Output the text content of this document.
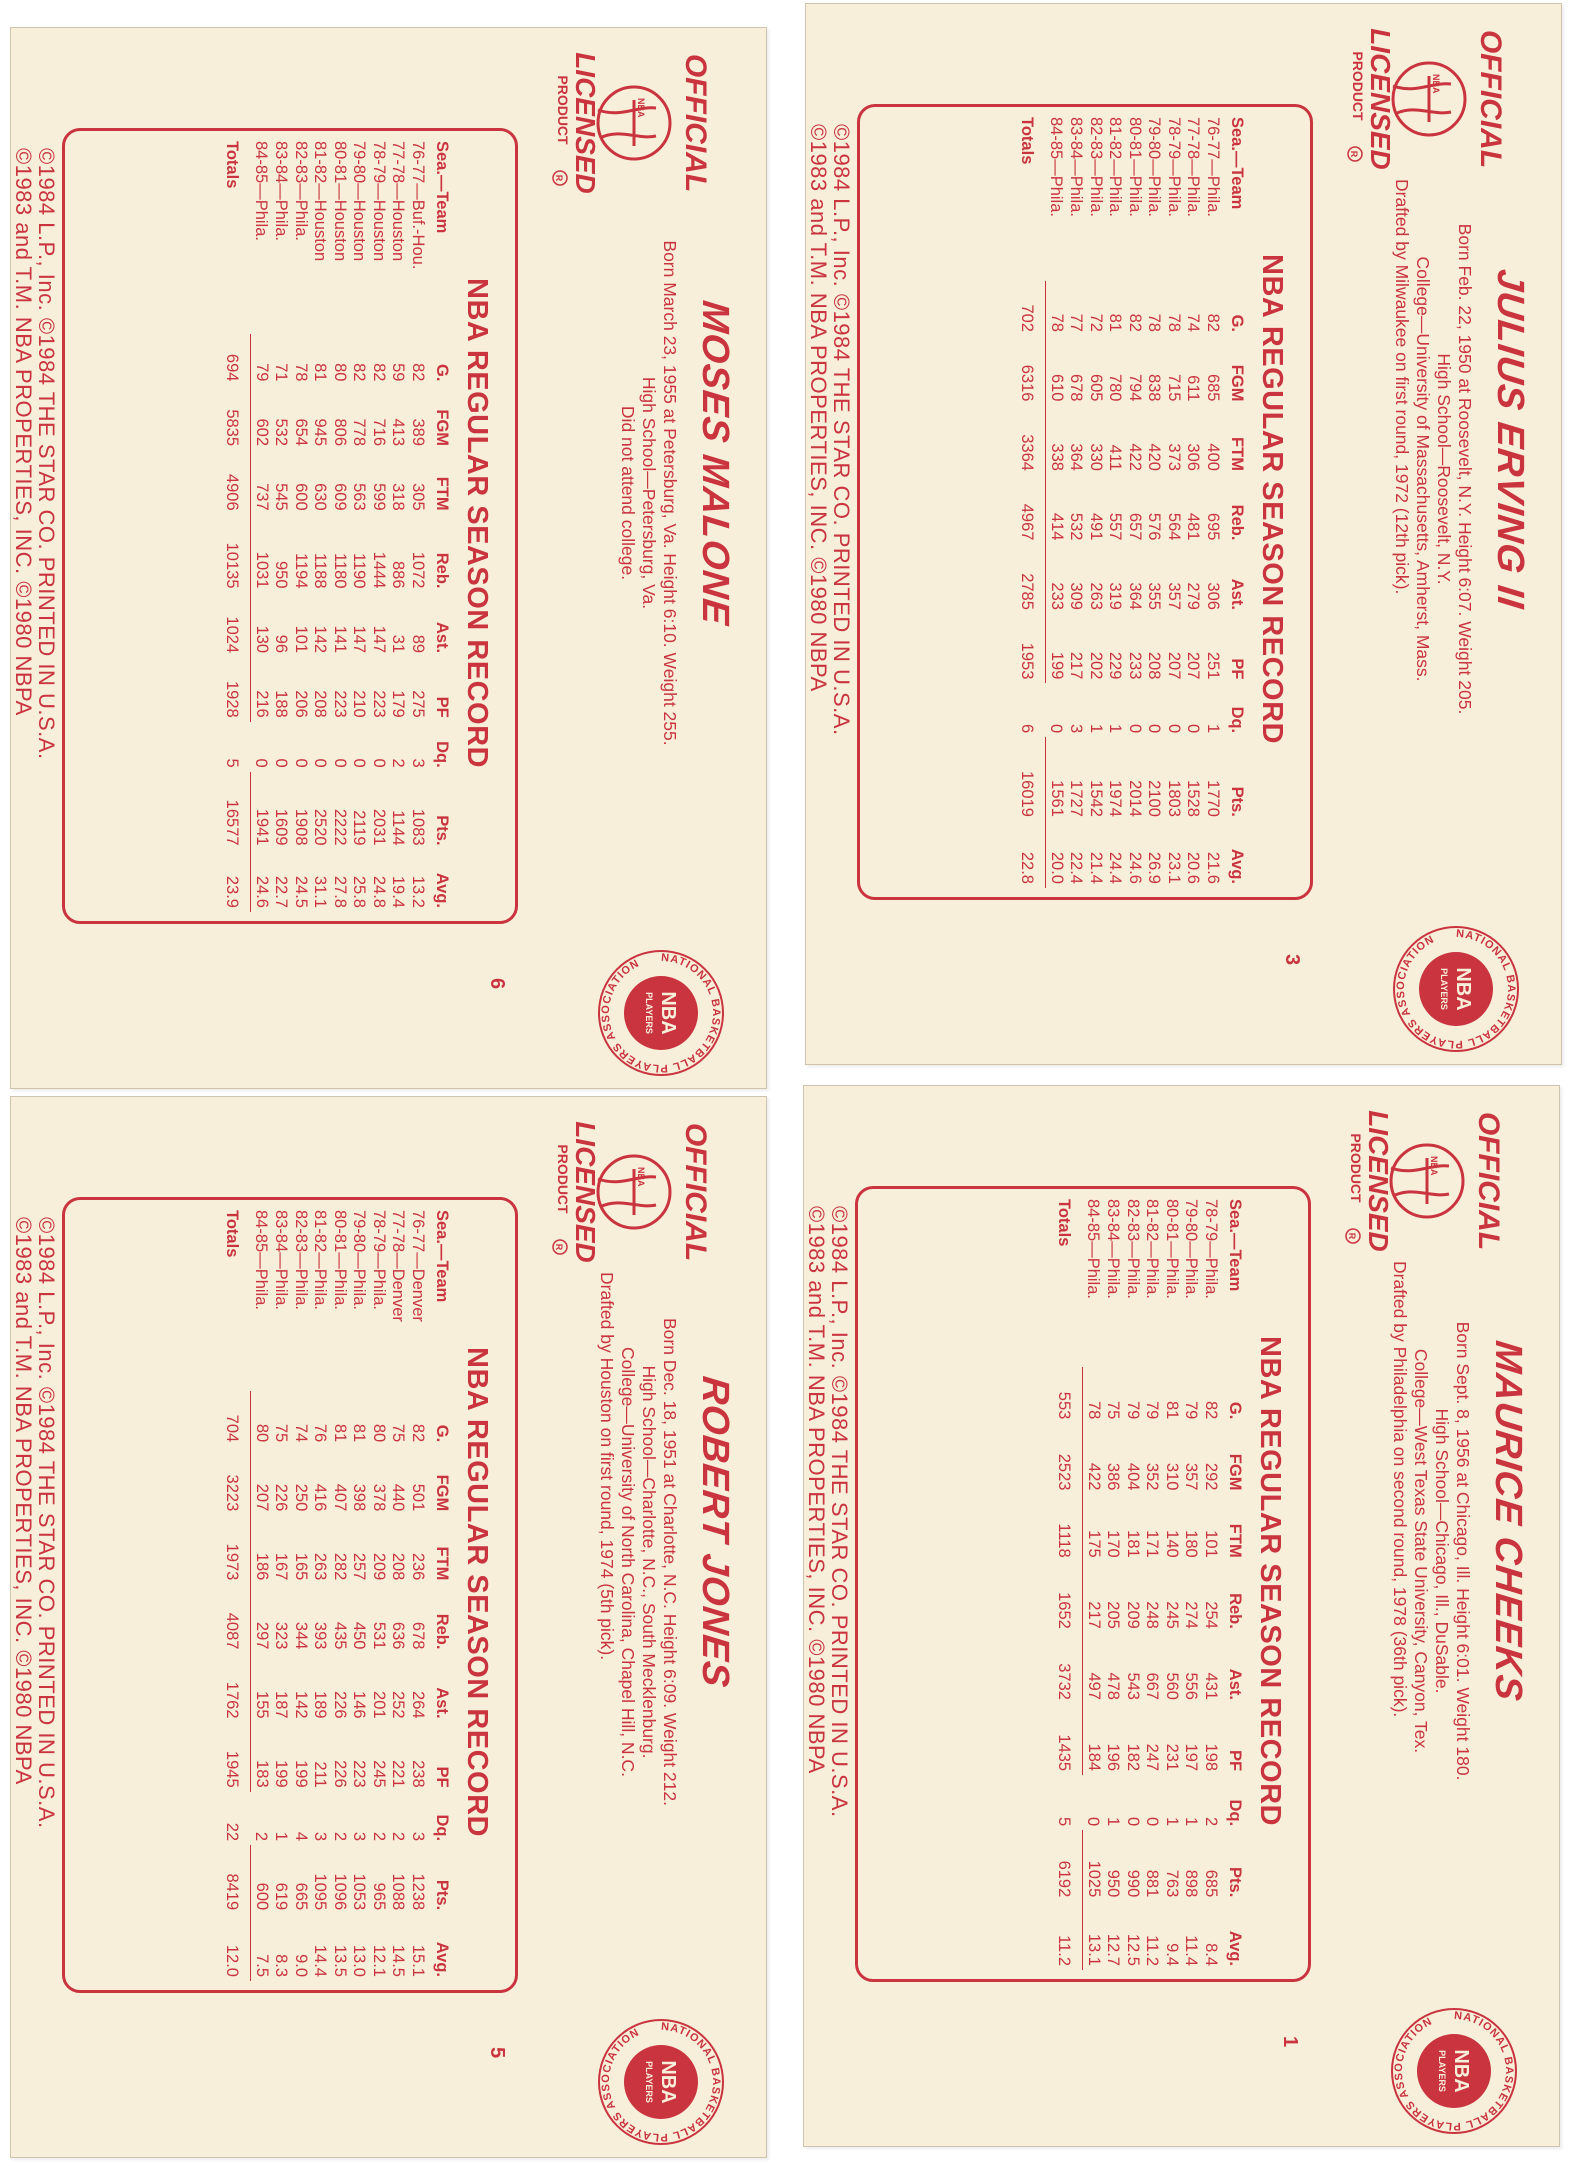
JULIUS ERVING II
Born Feb. 22, 1950 at Roosevelt, N.Y. Height 6:07. Weight 205.
High School—Roosevelt, N.Y.
College—University of Massachusetts, Amherst, Mass.
Drafted by Milwaukee on first round, 1972 (12th pick).
3
NBA REGULAR SEASON RECORD
Sea.—Team	G.	FGM	FTM	Reb.	Ast.	PF	Dq.	Pts.	Avg.
76-77—Phila.	82	685	400	695	306	251	1	1770	21.6
77-78—Phila.	74	611	306	481	279	207	0	1528	20.6
78-79—Phila.	78	715	373	564	357	207	0	1803	23.1
79-80—Phila.	78	838	420	576	355	208	0	2100	26.9
80-81—Phila.	82	794	422	657	364	233	0	2014	24.6
81-82—Phila.	81	780	411	557	319	229	1	1974	24.4
82-83—Phila.	72	605	330	491	263	202	1	1542	21.4
83-84—Phila.	77	678	364	532	309	217	3	1727	22.4
84-85—Phila.	78	610	338	414	233	199	0	1561	20.0
Totals	702	6316	3364	4967	2785	1953	6	16019	22.8
©1984 L.P., Inc. ©1984 THE STAR CO. PRINTED IN U.S.A.
©1983 and T.M. NBA PROPERTIES, INC. ©1980 NBPA
NATIONAL BASKETBALL PLAYERS ASSOCIATION
NBA
PLAYERS
OFFICIAL
NBA
LICENSED
PRODUCT
R
MOSES MALONE
Born March 23, 1955 at Petersburg, Va. Height 6:10. Weight 255.
High School—Petersburg, Va.
Did not attend college.
6
NBA REGULAR SEASON RECORD
Sea.—Team	G.	FGM	FTM	Reb.	Ast.	PF	Dq.	Pts.	Avg.
76-77—Buf.-Hou.	82	389	305	1072	89	275	3	1083	13.2
77-78—Houston	59	413	318	886	31	179	2	1144	19.4
78-79—Houston	82	716	599	1444	147	223	0	2031	24.8
79-80—Houston	82	778	563	1190	147	210	0	2119	25.8
80-81—Houston	80	806	609	1180	141	223	0	2222	27.8
81-82—Houston	81	945	630	1188	142	208	0	2520	31.1
82-83—Phila.	78	654	600	1194	101	206	0	1908	24.5
83-84—Phila.	71	532	545	950	96	188	0	1609	22.7
84-85—Phila.	79	602	737	1031	130	216	0	1941	24.6
Totals	694	5835	4906	10135	1024	1928	5	16577	23.9
©1984 L.P., Inc. ©1984 THE STAR CO. PRINTED IN U.S.A.
©1983 and T.M. NBA PROPERTIES, INC. ©1980 NBPA
NATIONAL BASKETBALL PLAYERS ASSOCIATION
NBA
PLAYERS
OFFICIAL
NBA
LICENSED
PRODUCT
R
MAURICE CHEEKS
Born Sept. 8, 1956 at Chicago, Ill. Height 6:01. Weight 180.
High School—Chicago, Ill., DuSable.
College—West Texas State University, Canyon, Tex.
Drafted by Philadelphia on second round, 1978 (36th pick).
1
NBA REGULAR SEASON RECORD
Sea.—Team	G.	FGM	FTM	Reb.	Ast.	PF	Dq.	Pts.	Avg.
78-79—Phila.	82	292	101	254	431	198	2	685	8.4
79-80—Phila.	79	357	180	274	556	197	1	898	11.4
80-81—Phila.	81	310	140	245	560	231	1	763	9.4
81-82—Phila.	79	352	171	248	667	247	0	881	11.2
82-83—Phila.	79	404	181	209	543	182	0	990	12.5
83-84—Phila.	75	386	170	205	478	196	1	950	12.7
84-85—Phila.	78	422	175	217	497	184	0	1025	13.1
Totals	553	2523	1118	1652	3732	1435	5	6192	11.2
©1984 L.P., Inc. ©1984 THE STAR CO. PRINTED IN U.S.A.
©1983 and T.M. NBA PROPERTIES, INC. ©1980 NBPA
NATIONAL BASKETBALL PLAYERS ASSOCIATION
NBA
PLAYERS
OFFICIAL
NBA
LICENSED
PRODUCT
R
ROBERT JONES
Born Dec. 18, 1951 at Charlotte, N.C. Height 6:09. Weight 212.
High School—Charlotte, N.C., South Mecklenburg.
College—University of North Carolina, Chapel Hill, N.C.
Drafted by Houston on first round, 1974 (5th pick).
5
NBA REGULAR SEASON RECORD
Sea.—Team	G.	FGM	FTM	Reb.	Ast.	PF	Dq.	Pts.	Avg.
76-77—Denver	82	501	236	678	264	238	3	1238	15.1
77-78—Denver	75	440	208	636	252	221	2	1088	14.5
78-79—Phila.	80	378	209	531	201	245	2	965	12.1
79-80—Phila.	81	398	257	450	146	223	3	1053	13.0
80-81—Phila.	81	407	282	435	226	226	2	1096	13.5
81-82—Phila.	76	416	263	393	189	211	3	1095	14.4
82-83—Phila.	74	250	165	344	142	199	4	665	9.0
83-84—Phila.	75	226	167	323	187	199	1	619	8.3
84-85—Phila.	80	207	186	297	155	183	2	600	7.5
Totals	704	3223	1973	4087	1762	1945	22	8419	12.0
©1984 L.P., Inc. ©1984 THE STAR CO. PRINTED IN U.S.A.
©1983 and T.M. NBA PROPERTIES, INC. ©1980 NBPA
NATIONAL BASKETBALL PLAYERS ASSOCIATION
NBA
PLAYERS
OFFICIAL
NBA
LICENSED
PRODUCT
R
